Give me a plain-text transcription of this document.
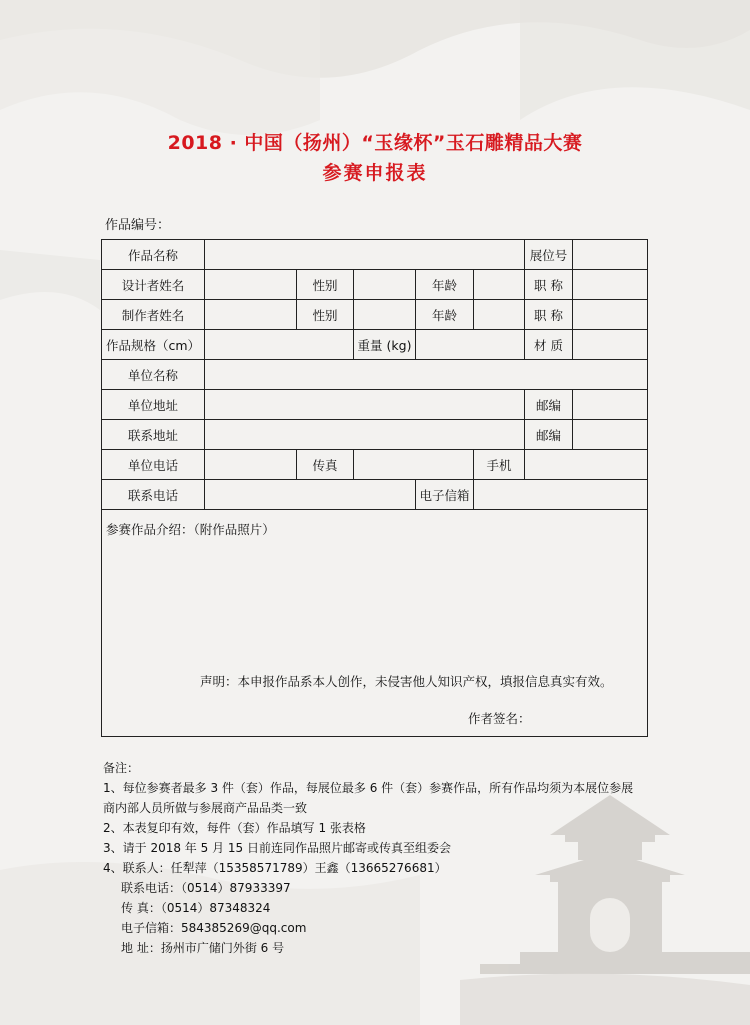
2018 · 中国（扬州）“玉缘杯”玉石雕精品大赛
参赛申报表
作品编号：
作品名称						展位号	
设计者姓名		性别		年龄		职 称	
制作者姓名		性别		年龄		职 称	
作品规格（cm）			重量 (kg)			材 质	
单位名称							
单位地址						邮编	
联系地址						邮编	
单位电话		传真			手机		
联系电话				电子信箱			

参赛作品介绍：（附作品照片）
声明：本申报作品系本人创作，未侵害他人知识产权，填报信息真实有效。
作者签名：							
备注：
1、每位参赛者最多 3 件（套）作品，每展位最多 6 件（套）参赛作品，所有作品均须为本展位参展
商内部人员所做与参展商产品品类一致
2、本表复印有效，每件（套）作品填写 1 张表格
3、请于 2018 年 5 月 15 日前连同作品照片邮寄或传真至组委会
4、联系人：任犁萍（15358571789）王鑫（13665276681）
联系电话：（0514）87933397
传 真：（0514）87348324
电子信箱：584385269@qq.com
地 址：扬州市广储门外街 6 号
